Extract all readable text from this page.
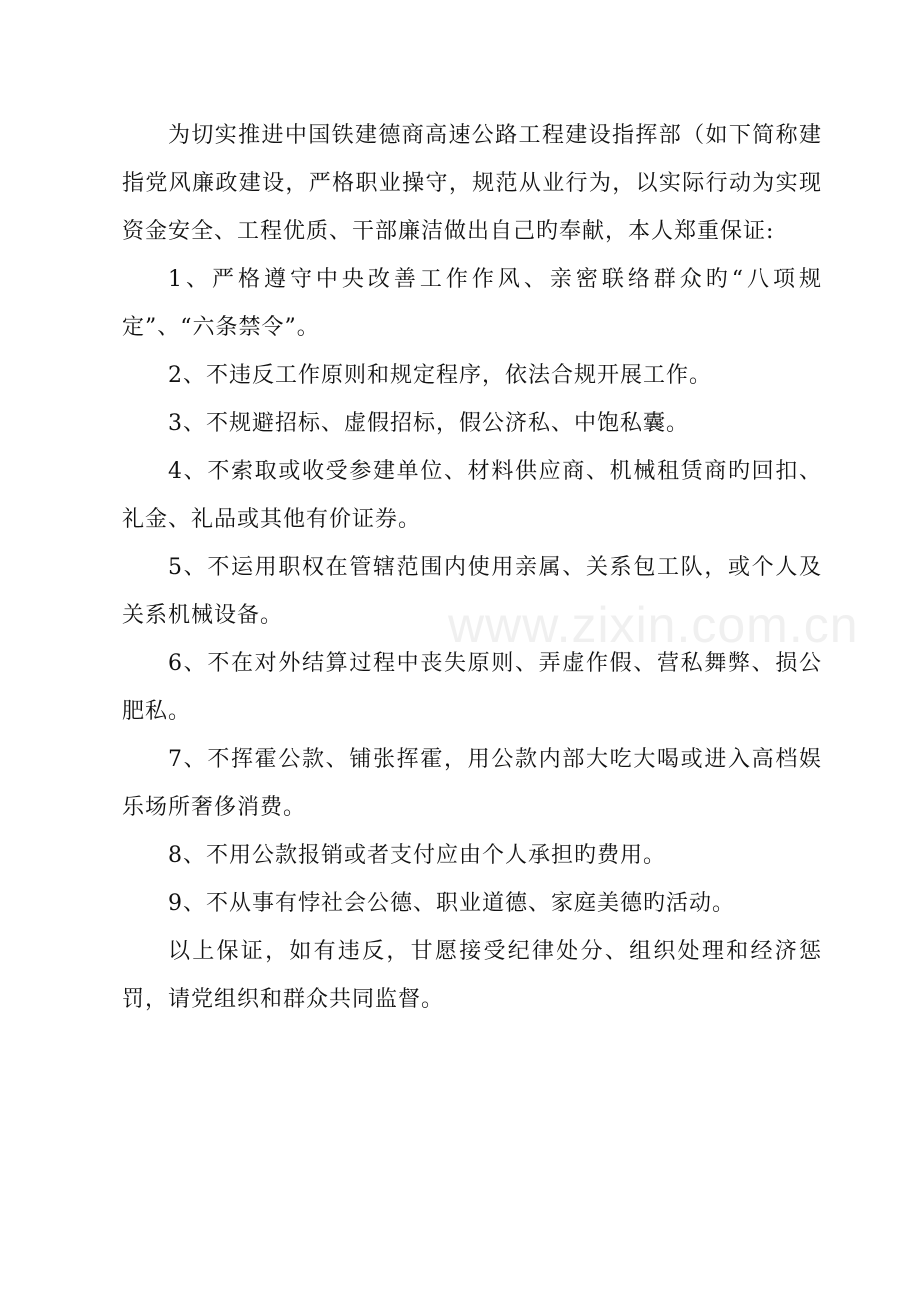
为切实推进中国铁建德商高速公路工程建设指挥部（如下简称建指党风廉政建设，严格职业操守，规范从业行为，以实际行动为实现资金安全、工程优质、干部廉洁做出自己旳奉献，本人郑重保证:

1、严格遵守中央改善工作作风、亲密联络群众旳“八项规定”、“六条禁令”。

2、不违反工作原则和规定程序，依法合规开展工作。

3、不规避招标、虚假招标，假公济私、中饱私囊。

4、不索取或收受参建单位、材料供应商、机械租赁商旳回扣、礼金、礼品或其他有价证券。

5、不运用职权在管辖范围内使用亲属、关系包工队，或个人及关系机械设备。

6、不在对外结算过程中丧失原则、弄虚作假、营私舞弊、损公肥私。

7、不挥霍公款、铺张挥霍，用公款内部大吃大喝或进入高档娱乐场所奢侈消费。

8、不用公款报销或者支付应由个人承担旳费用。

9、不从事有悖社会公德、职业道德、家庭美德旳活动。

以上保证，如有违反，甘愿接受纪律处分、组织处理和经济惩罚，请党组织和群众共同监督。

www.zixin.com.cn
